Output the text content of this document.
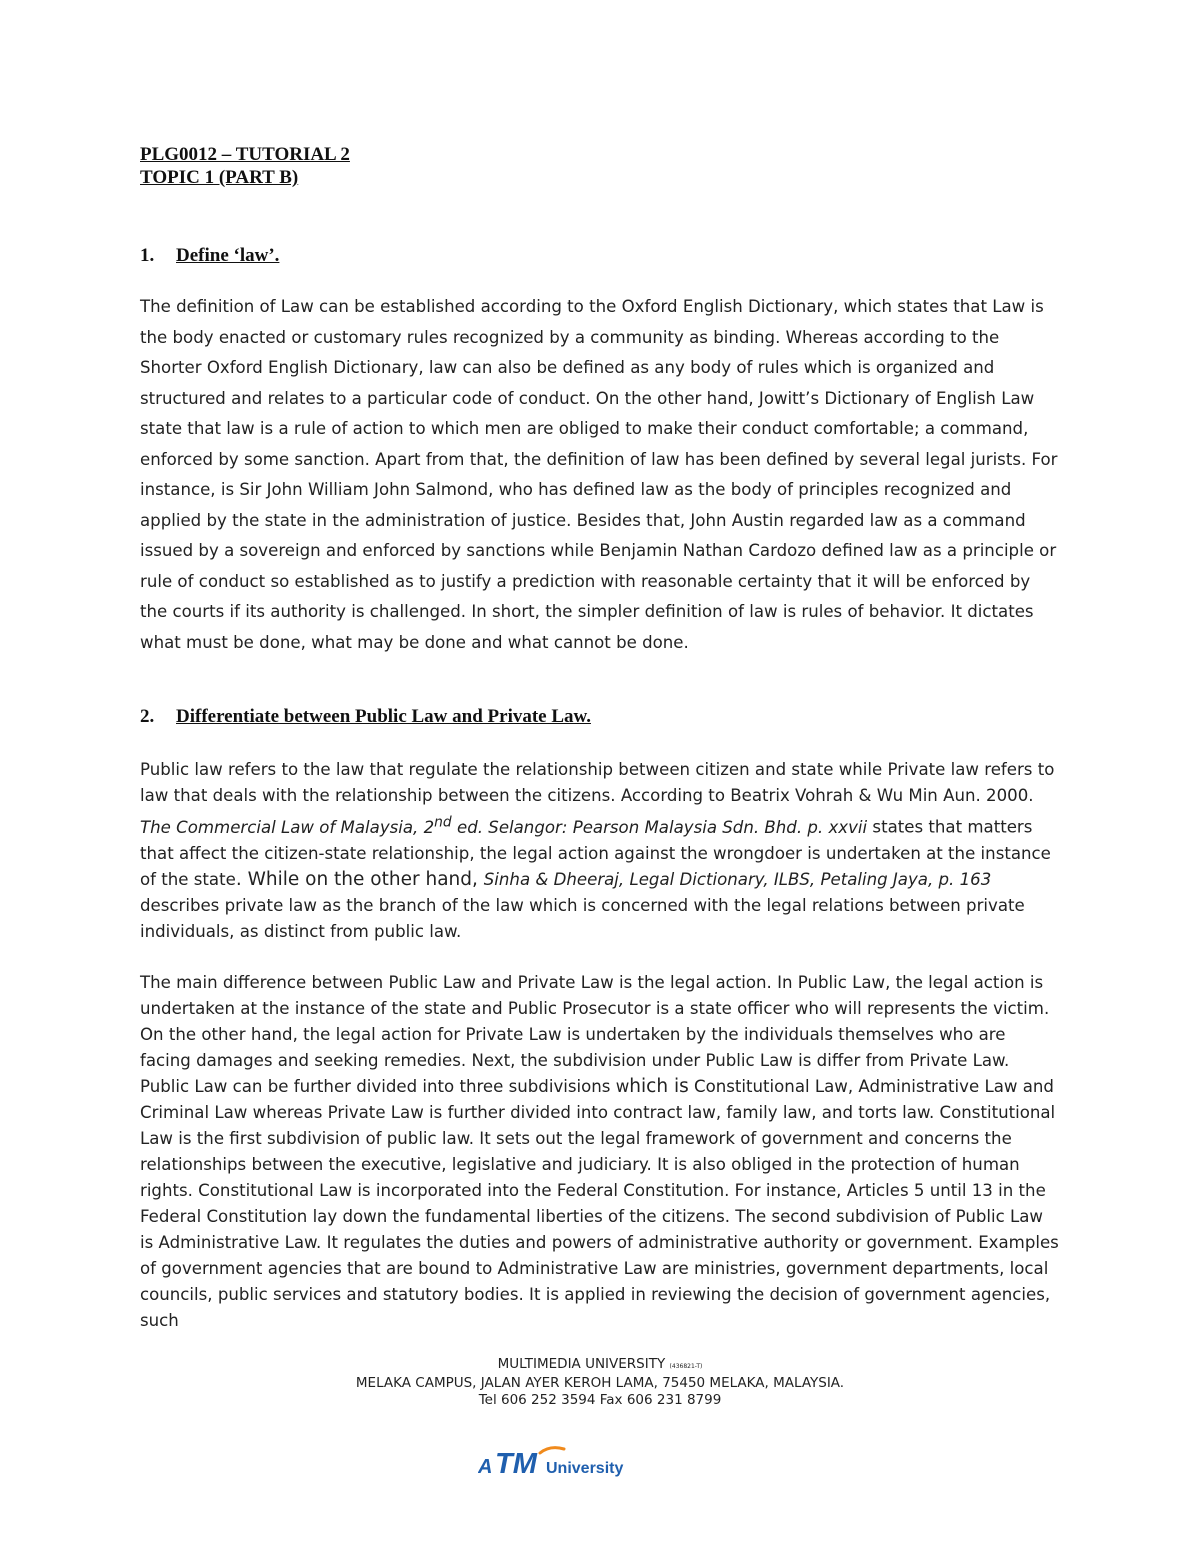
PLG0012 – TUTORIAL 2
TOPIC 1 (PART B)
1. Define ‘law’.
The definition of Law can be established according to the Oxford English Dictionary, which states that Law is the body enacted or customary rules recognized by a community as binding. Whereas according to the Shorter Oxford English Dictionary, law can also be defined as any body of rules which is organized and structured and relates to a particular code of conduct. On the other hand, Jowitt’s Dictionary of English Law state that law is a rule of action to which men are obliged to make their conduct comfortable; a command, enforced by some sanction. Apart from that, the definition of law has been defined by several legal jurists. For instance, is Sir John William John Salmond, who has defined law as the body of principles recognized and applied by the state in the administration of justice. Besides that, John Austin regarded law as a command issued by a sovereign and enforced by sanctions while Benjamin Nathan Cardozo defined law as a principle or rule of conduct so established as to justify a prediction with reasonable certainty that it will be enforced by the courts if its authority is challenged. In short, the simpler definition of law is rules of behavior. It dictates what must be done, what may be done and what cannot be done.
2. Differentiate between Public Law and Private Law.
Public law refers to the law that regulate the relationship between citizen and state while Private law refers to law that deals with the relationship between the citizens. According to Beatrix Vohrah & Wu Min Aun. 2000. The Commercial Law of Malaysia, 2nd ed. Selangor: Pearson Malaysia Sdn. Bhd. p. xxvii states that matters that affect the citizen-state relationship, the legal action against the wrongdoer is undertaken at the instance of the state. While on the other hand, Sinha & Dheeraj, Legal Dictionary, ILBS, Petaling Jaya, p. 163 describes private law as the branch of the law which is concerned with the legal relations between private individuals, as distinct from public law.
The main difference between Public Law and Private Law is the legal action. In Public Law, the legal action is undertaken at the instance of the state and Public Prosecutor is a state officer who will represents the victim. On the other hand, the legal action for Private Law is undertaken by the individuals themselves who are facing damages and seeking remedies. Next, the subdivision under Public Law is differ from Private Law. Public Law can be further divided into three subdivisions which is Constitutional Law, Administrative Law and Criminal Law whereas Private Law is further divided into contract law, family law, and torts law. Constitutional Law is the first subdivision of public law. It sets out the legal framework of government and concerns the relationships between the executive, legislative and judiciary. It is also obliged in the protection of human rights. Constitutional Law is incorporated into the Federal Constitution. For instance, Articles 5 until 13 in the Federal Constitution lay down the fundamental liberties of the citizens. The second subdivision of Public Law is Administrative Law. It regulates the duties and powers of administrative authority or government. Examples of government agencies that are bound to Administrative Law are ministries, government departments, local councils, public services and statutory bodies. It is applied in reviewing the decision of government agencies, such
MULTIMEDIA UNIVERSITY (436821-T)
MELAKA CAMPUS, JALAN AYER KEROH LAMA, 75450 MELAKA, MALAYSIA.
Tel 606 252 3594 Fax 606 231 8799
A TM University
